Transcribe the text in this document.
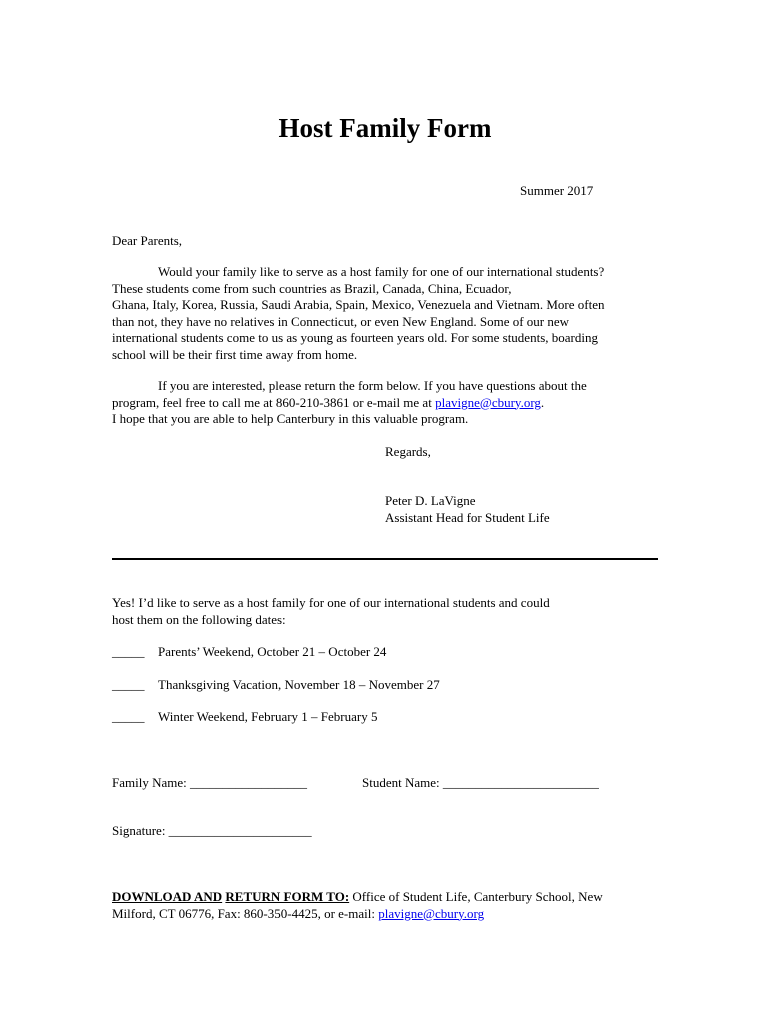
Host Family Form
Summer 2017
Dear Parents,
Would your family like to serve as a host family for one of our international students?
These students come from such countries as Brazil, Canada, China, Ecuador,
Ghana, Italy, Korea, Russia, Saudi Arabia, Spain, Mexico, Venezuela and Vietnam. More often
than not, they have no relatives in Connecticut, or even New England. Some of our new
international students come to us as young as fourteen years old. For some students, boarding
school will be their first time away from home.
If you are interested, please return the form below. If you have questions about the
program, feel free to call me at 860-210-3861 or e-mail me at plavigne@cbury.org.
I hope that you are able to help Canterbury in this valuable program.
Regards,
Peter D. LaVigne
Assistant Head for Student Life
Yes! I’d like to serve as a host family for one of our international students and could
host them on the following dates:
_____ Parents’ Weekend, October 21 – October 24
_____ Thanksgiving Vacation, November 18 – November 27
_____ Winter Weekend, February 1 – February 5
Family Name: __________________	Student Name: ________________________
Signature: ______________________
DOWNLOAD AND RETURN FORM TO: Office of Student Life, Canterbury School, New
Milford, CT 06776, Fax: 860-350-4425, or e-mail: plavigne@cbury.org
